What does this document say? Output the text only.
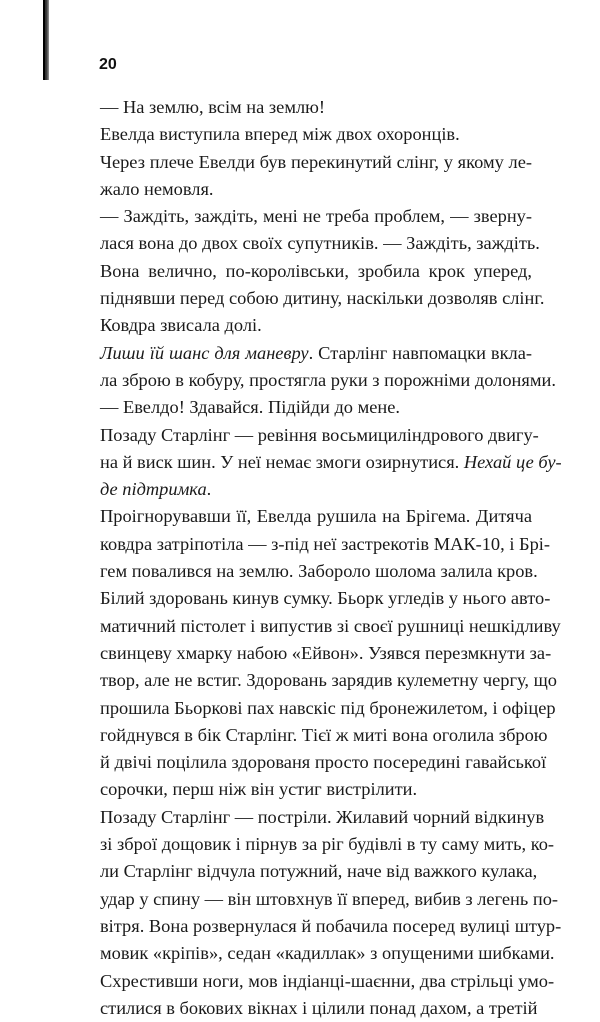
20
— На землю, всім на землю!
Евелда виступила вперед між двох охоронців.
Через плече Евелди був перекинутий слінг, у якому ле-
жало немовля.
— Заждіть, заждіть, мені не треба проблем, — зверну-
лася вона до двох своїх супутників. — Заждіть, заждіть.
Вона велично, по-королівськи, зробила крок уперед,
піднявши перед собою дитину, наскільки дозволяв слінг.
Ковдра звисала долі.
Лиши їй шанс для маневру. Старлінг навпомацки вкла-
ла зброю в кобуру, простягла руки з порожніми долонями.
— Евелдо! Здавайся. Підійди до мене.
Позаду Старлінг — ревіння восьмициліндрового двигу-
на й виск шин. У неї немає змоги озирнутися. Нехай це бу-
де підтримка.
Проігнорувавши її, Евелда рушила на Брігема. Дитяча
ковдра затріпотіла — з-під неї застрекотів МАК-10, і Брі-
гем повалився на землю. Забороло шолома залила кров.
Білий здоровань кинув сумку. Бьорк угледів у нього авто-
матичний пістолет і випустив зі своєї рушниці нешкідливу
свинцеву хмарку набою «Ейвон». Узявся перезмкнути за-
твор, але не встиг. Здоровань зарядив кулеметну чергу, що
прошила Бьоркові пах навскіс під бронежилетом, і офіцер
гойднувся в бік Старлінг. Тієї ж миті вона оголила зброю
й двічі поцілила здорованя просто посередині гавайської
сорочки, перш ніж він устиг вистрілити.
Позаду Старлінг — постріли. Жилавий чорний відкинув
зі зброї дощовик і пірнув за ріг будівлі в ту саму мить, ко-
ли Старлінг відчула потужний, наче від важкого кулака,
удар у спину — він штовхнув її вперед, вибив з легень по-
вітря. Вона розвернулася й побачила посеред вулиці штур-
мовик «кріпів», седан «кадиллак» з опущеними шибками.
Схрестивши ноги, мов індіанці-шаєнни, два стрільці умо-
стилися в бокових вікнах і цілили понад дахом, а третій
